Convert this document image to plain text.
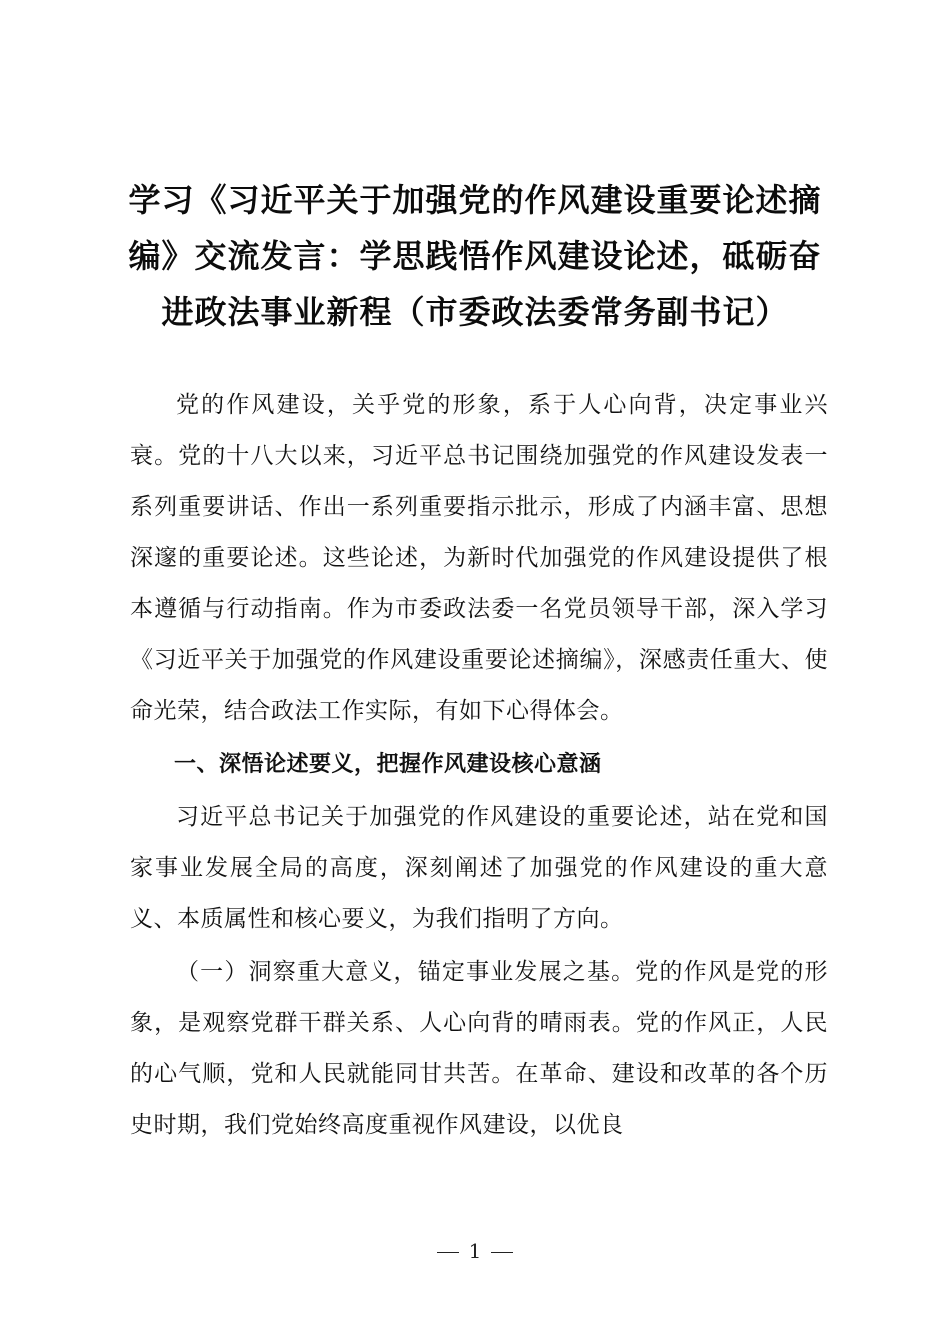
学习《习近平关于加强党的作风建设重要论述摘编》交流发言：学思践悟作风建设论述，砥砺奋进政法事业新程（市委政法委常务副书记）

党的作风建设，关乎党的形象，系于人心向背，决定事业兴衰。党的十八大以来，习近平总书记围绕加强党的作风建设发表一系列重要讲话、作出一系列重要指示批示，形成了内涵丰富、思想深邃的重要论述。这些论述，为新时代加强党的作风建设提供了根本遵循与行动指南。作为市委政法委一名党员领导干部，深入学习《习近平关于加强党的作风建设重要论述摘编》，深感责任重大、使命光荣，结合政法工作实际，有如下心得体会。

一、深悟论述要义，把握作风建设核心意涵

习近平总书记关于加强党的作风建设的重要论述，站在党和国家事业发展全局的高度，深刻阐述了加强党的作风建设的重大意义、本质属性和核心要义，为我们指明了方向。

（一）洞察重大意义，锚定事业发展之基。党的作风是党的形象，是观察党群干群关系、人心向背的晴雨表。党的作风正，人民的心气顺，党和人民就能同甘共苦。在革命、建设和改革的各个历史时期，我们党始终高度重视作风建设，以优良

1
